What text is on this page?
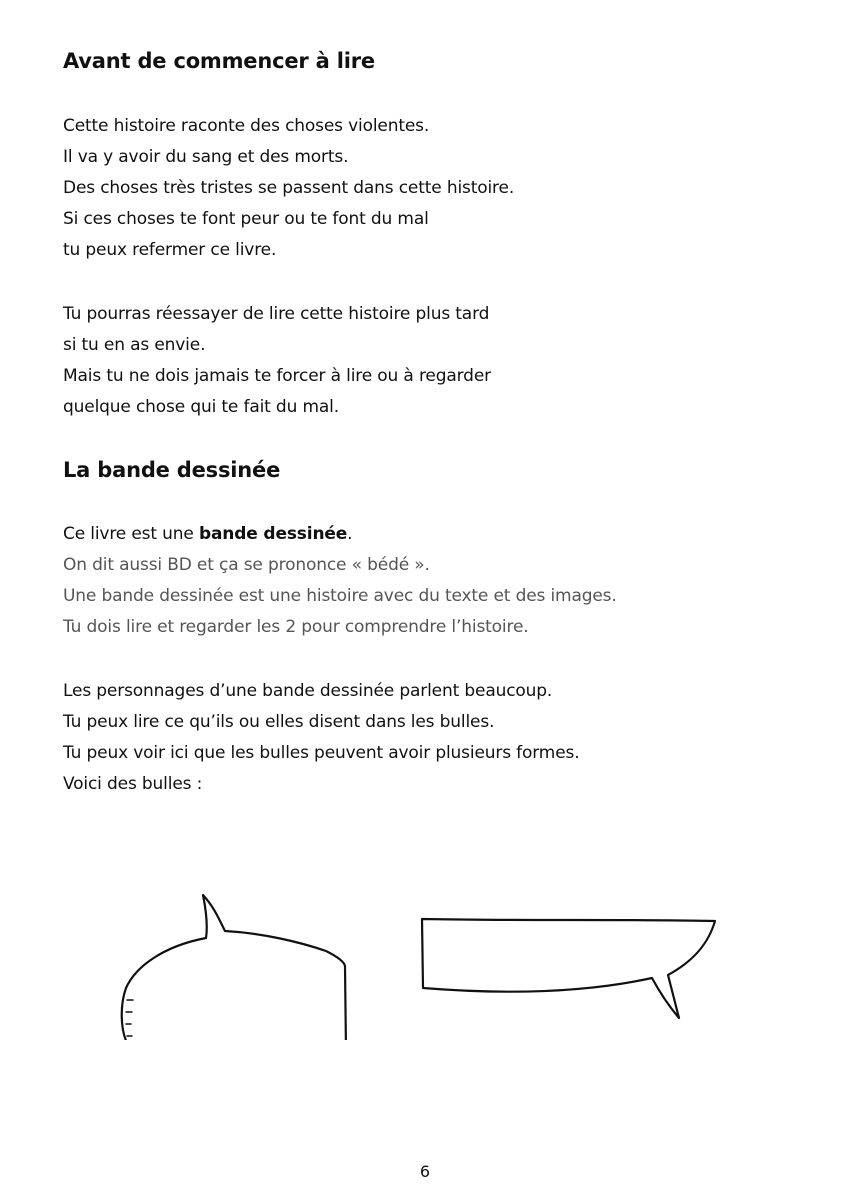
Avant de commencer à lire
Cette histoire raconte des choses violentes.
Il va y avoir du sang et des morts.
Des choses très tristes se passent dans cette histoire.
Si ces choses te font peur ou te font du mal
tu peux refermer ce livre.
Tu pourras réessayer de lire cette histoire plus tard
si tu en as envie.
Mais tu ne dois jamais te forcer à lire ou à regarder
quelque chose qui te fait du mal.
La bande dessinée
Ce livre est une bande dessinée.
On dit aussi BD et ça se prononce « bédé ».
Une bande dessinée est une histoire avec du texte et des images.
Tu dois lire et regarder les 2 pour comprendre l’histoire.
Les personnages d’une bande dessinée parlent beaucoup.
Tu peux lire ce qu’ils ou elles disent dans les bulles.
Tu peux voir ici que les bulles peuvent avoir plusieurs formes.
Voici des bulles :
6
